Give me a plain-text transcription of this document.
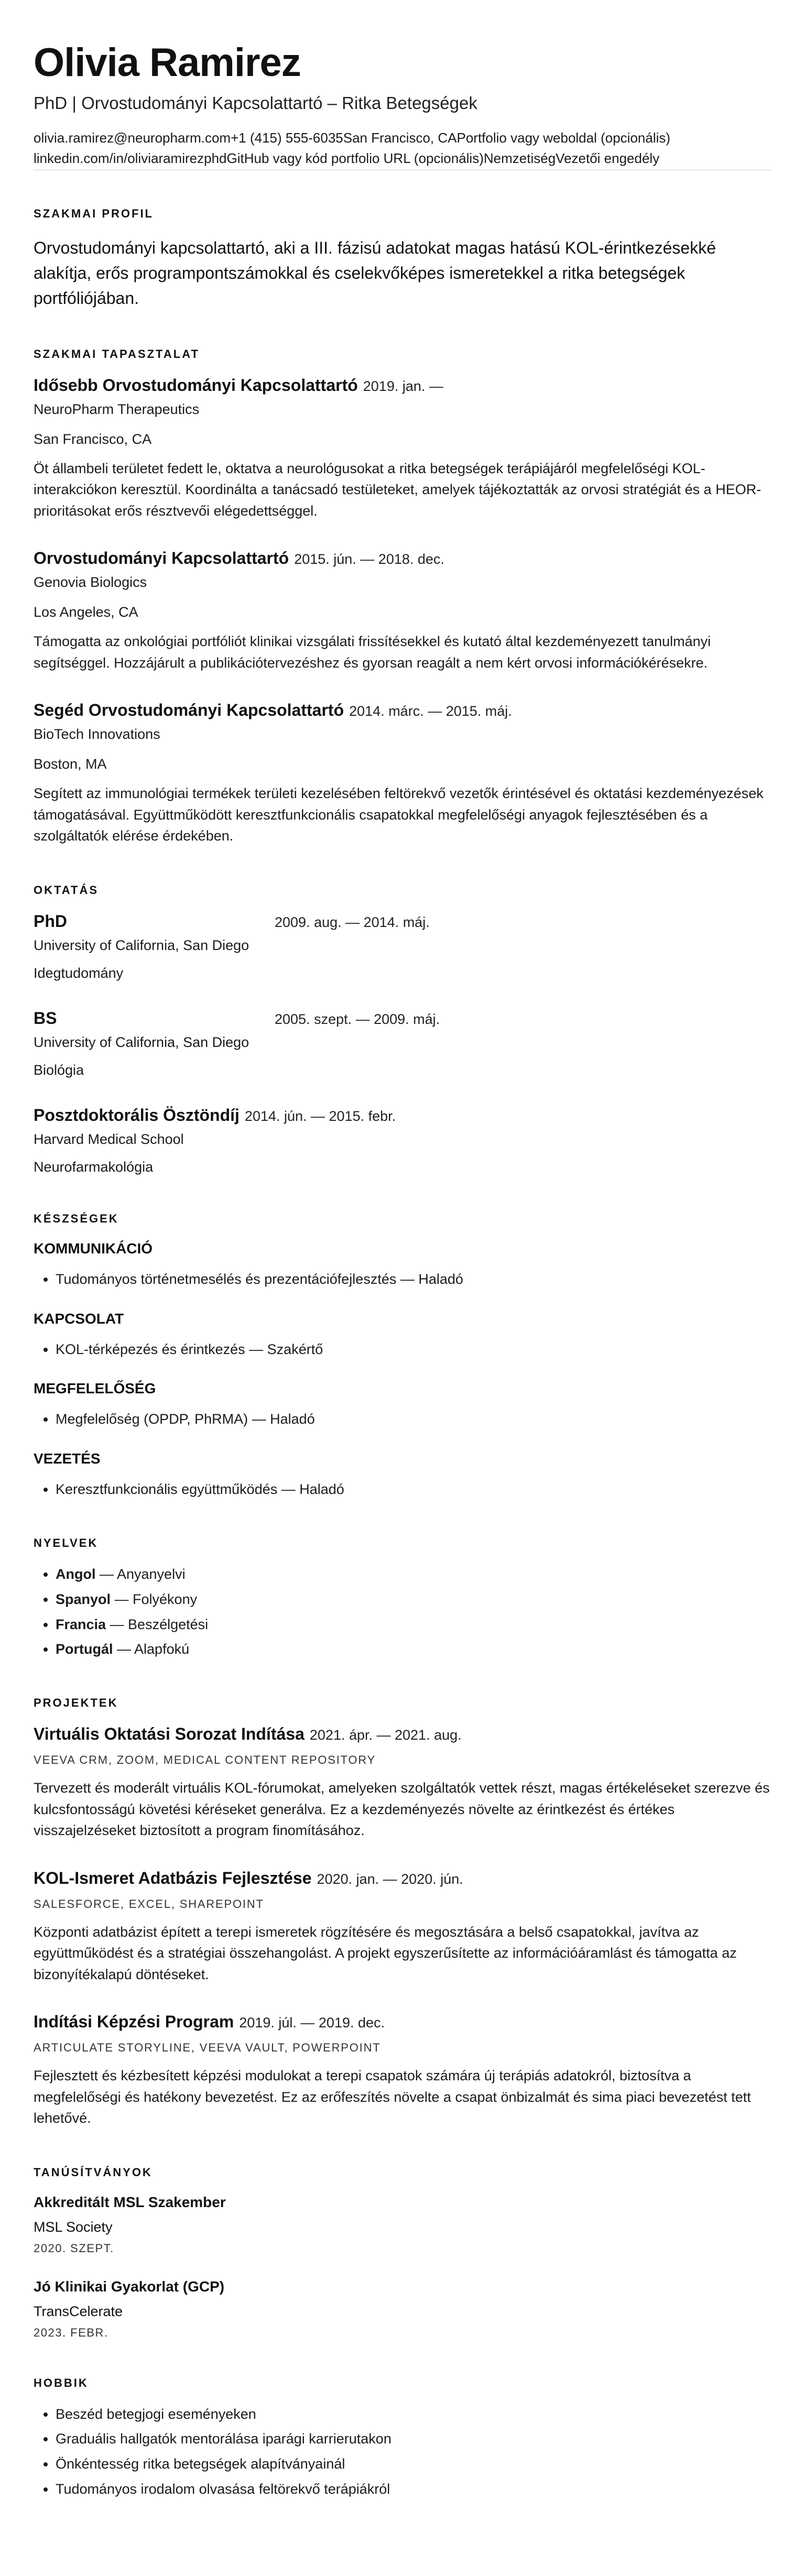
Olivia Ramirez
PhD | Orvostudományi Kapcsolattartó – Ritka Betegségek
olivia.ramirez@neuropharm.com +1 (415) 555-6035 San Francisco, CA Portfolio vagy weboldal (opcionális)
linkedin.com/in/oliviaramirezphd GitHub vagy kód portfolio URL (opcionális) Nemzetiség Vezetői engedély
SZAKMAI PROFIL

Orvostudományi kapcsolattartó, aki a III. fázisú adatokat magas hatású KOL-érintkezésekké alakítja, erős programpontszámokkal és cselekvőképes ismeretekkel a ritka betegségek portfóliójában.

SZAKMAI TAPASZTALAT
Idősebb Orvostudományi Kapcsolattartó 2019. jan. —
NeuroPharm Therapeutics
San Francisco, CA
Öt állambeli területet fedett le, oktatva a neurológusokat a ritka betegségek terápiájáról megfelelőségi KOL-interakciókon keresztül. Koordinálta a tanácsadó testületeket, amelyek tájékoztatták az orvosi stratégiát és a HEOR-prioritásokat erős résztvevői elégedettséggel.
Orvostudományi Kapcsolattartó 2015. jún. — 2018. dec.
Genovia Biologics
Los Angeles, CA
Támogatta az onkológiai portfóliót klinikai vizsgálati frissítésekkel és kutató által kezdeményezett tanulmányi segítséggel. Hozzájárult a publikációtervezéshez és gyorsan reagált a nem kért orvosi információkérésekre.
Segéd Orvostudományi Kapcsolattartó 2014. márc. — 2015. máj.
BioTech Innovations
Boston, MA
Segített az immunológiai termékek területi kezelésében feltörekvő vezetők érintésével és oktatási kezdeményezések támogatásával. Együttműködött keresztfunkcionális csapatokkal megfelelőségi anyagok fejlesztésében és a szolgáltatók elérése érdekében.
OKTATÁS
PhD	2009. aug. — 2014. máj.
University of California, San Diego
Idegtudomány
BS	2005. szept. — 2009. máj.
University of California, San Diego
Biológia
Posztdoktorális Ösztöndíj 2014. jún. — 2015. febr.
Harvard Medical School
Neurofarmakológia
KÉSZSÉGEK
KOMMUNIKÁCIÓ
• Tudományos történetmesélés és prezentációfejlesztés — Haladó
KAPCSOLAT
• KOL-térképezés és érintkezés — Szakértő
MEGFELELŐSÉG
• Megfelelőség (OPDP, PhRMA) — Haladó
VEZETÉS
• Keresztfunkcionális együttműködés — Haladó
NYELVEK
• Angol — Anyanyelvi
• Spanyol — Folyékony
• Francia — Beszélgetési
• Portugál — Alapfokú
PROJEKTEK
Virtuális Oktatási Sorozat Indítása 2021. ápr. — 2021. aug.
VEEVA CRM, ZOOM, MEDICAL CONTENT REPOSITORY
Tervezett és moderált virtuális KOL-fórumokat, amelyeken szolgáltatók vettek részt, magas értékeléseket szerezve és kulcsfontosságú követési kéréseket generálva. Ez a kezdeményezés növelte az érintkezést és értékes visszajelzéseket biztosított a program finomításához.
KOL-Ismeret Adatbázis Fejlesztése 2020. jan. — 2020. jún.
SALESFORCE, EXCEL, SHAREPOINT
Központi adatbázist épített a terepi ismeretek rögzítésére és megosztására a belső csapatokkal, javítva az együttműködést és a stratégiai összehangolást. A projekt egyszerűsítette az információáramlást és támogatta az bizonyítékalapú döntéseket.
Indítási Képzési Program 2019. júl. — 2019. dec.
ARTICULATE STORYLINE, VEEVA VAULT, POWERPOINT
Fejlesztett és kézbesített képzési modulokat a terepi csapatok számára új terápiás adatokról, biztosítva a megfelelőségi és hatékony bevezetést. Ez az erőfeszítés növelte a csapat önbizalmát és sima piaci bevezetést tett lehetővé.
TANÚSÍTVÁNYOK
Akkreditált MSL Szakember
MSL Society
2020. SZEPT.
Jó Klinikai Gyakorlat (GCP)
TransCelerate
2023. FEBR.
HOBBIK
• Beszéd betegjogi eseményeken
• Graduális hallgatók mentorálása iparági karrierutakon
• Önkéntesség ritka betegségek alapítványainál
• Tudományos irodalom olvasása feltörekvő terápiákról
